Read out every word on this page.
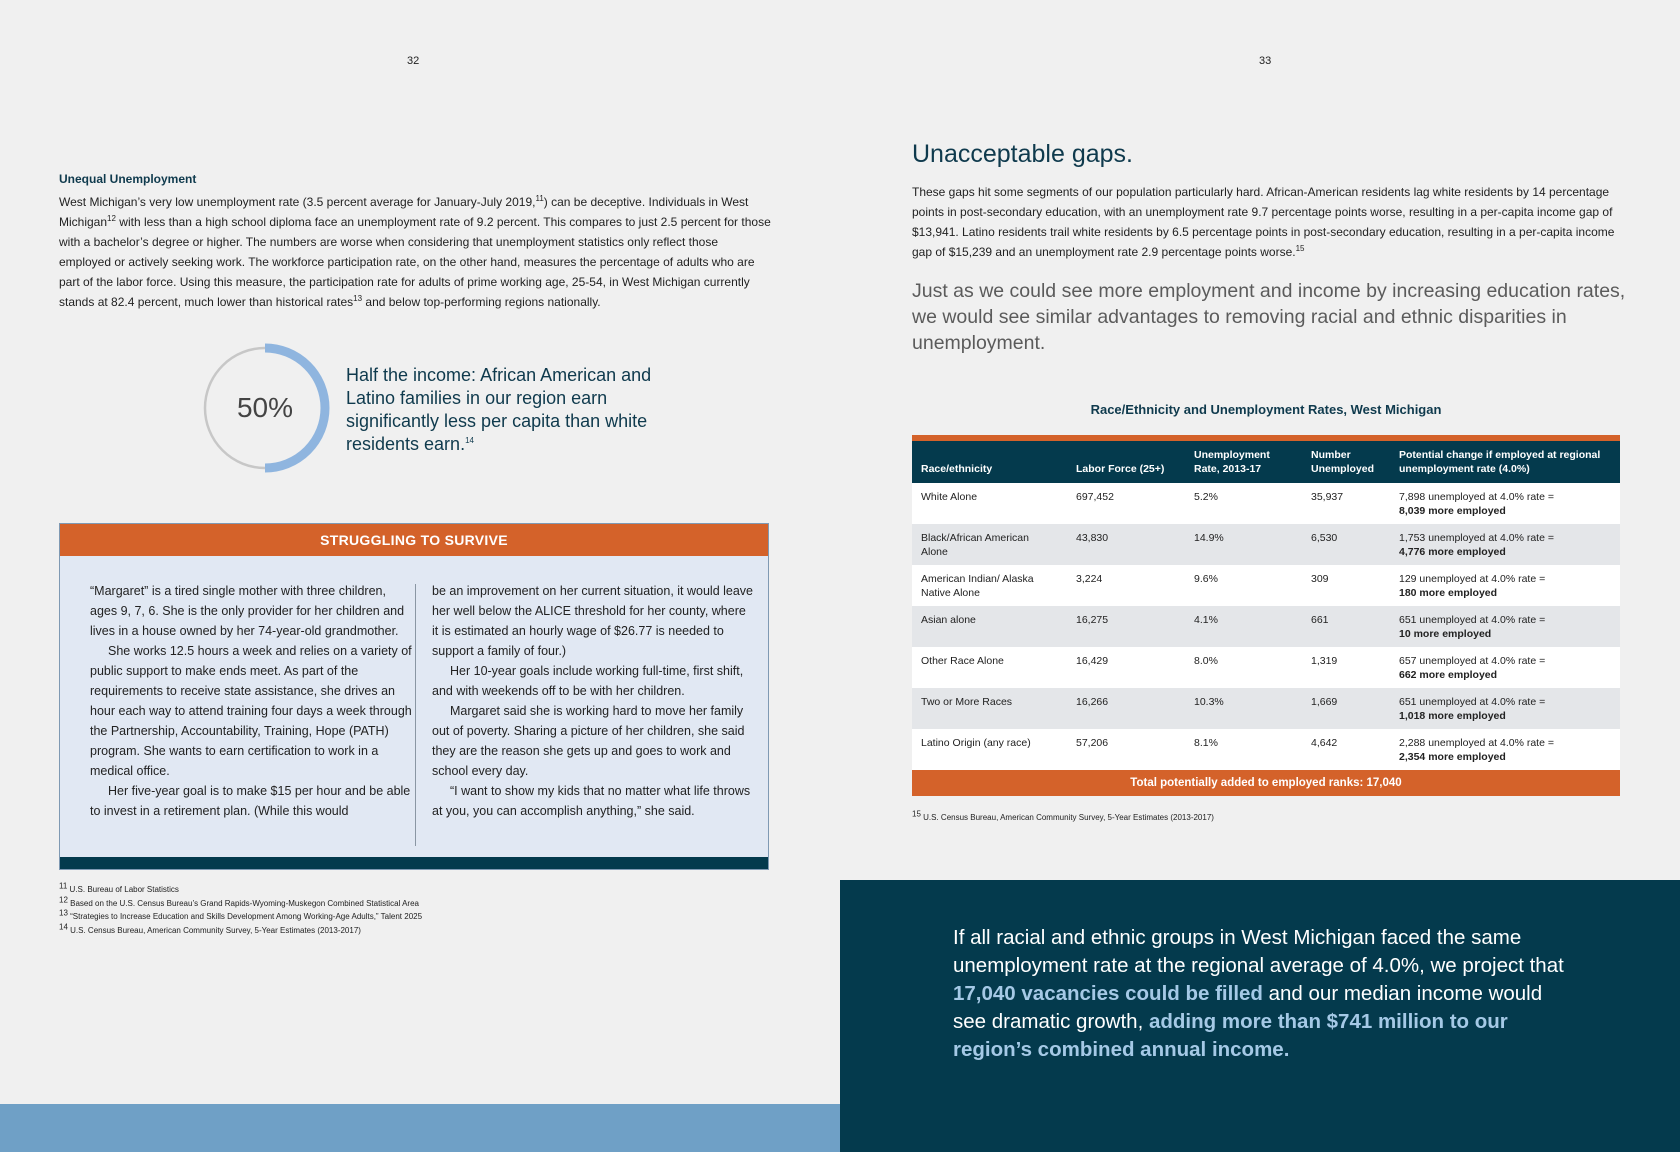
32
Unequal Unemployment
West Michigan’s very low unemployment rate (3.5 percent average for January-July 2019,11) can be deceptive. Individuals in West Michigan$^{12}$ with less than a high school diploma face an unemployment rate of 9.2 percent. This compares to just 2.5 percent for those with a bachelor’s degree or higher. The numbers are worse when considering that unemployment statistics only reflect those employed or actively seeking work. The workforce participation rate, on the other hand, measures the percentage of adults who are part of the labor force. Using this measure, the participation rate for adults of prime working age, 25-54, in West Michigan currently stands at 82.4 percent, much lower than historical rates$^{13}$ and below top-performing regions nationally.
50%
Half the income: African American and Latino families in our region earn significantly less per capita than white residents earn.$^{14}$
STRUGGLING TO SURVIVE

“Margaret” is a tired single mother with three children, ages 9, 7, 6. She is the only provider for her children and lives in a house owned by her 74-year-old grandmother.

She works 12.5 hours a week and relies on a variety of public support to make ends meet. As part of the requirements to receive state assistance, she drives an hour each way to attend training four days a week through the Partnership, Accountability, Training, Hope (PATH) program. She wants to earn certification to work in a medical office.

Her five-year goal is to make $15 per hour and be able to invest in a retirement plan. (While this would

be an improvement on her current situation, it would leave her well below the ALICE threshold for her county, where it is estimated an hourly wage of $26.77 is needed to support a family of four.)

Her 10-year goals include working full-time, first shift, and with weekends off to be with her children.

Margaret said she is working hard to move her family out of poverty. Sharing a picture of her children, she said they are the reason she gets up and goes to work and school every day.

“I want to show my kids that no matter what life throws at you, you can accomplish anything,” she said.

$^{11}$ U.S. Bureau of Labor Statistics
$^{12}$ Based on the U.S. Census Bureau’s Grand Rapids-Wyoming-Muskegon Combined Statistical Area
$^{13}$ “Strategies to Increase Education and Skills Development Among Working-Age Adults,” Talent 2025
$^{14}$ U.S. Census Bureau, American Community Survey, 5-Year Estimates (2013-2017)
33
Unacceptable gaps.
These gaps hit some segments of our population particularly hard. African-American residents lag white residents by 14 percentage points in post-secondary education, with an unemployment rate 9.7 percentage points worse, resulting in a per-capita income gap of $13,941. Latino residents trail white residents by 6.5 percentage points in post-secondary education, resulting in a per-capita income gap of $15,239 and an unemployment rate 2.9 percentage points worse.$^{15}$
Just as we could see more employment and income by increasing education rates, we would see similar advantages to removing racial and ethnic disparities in unemployment.
Race/Ethnicity and Unemployment Rates, West Michigan
Race/ethnicity	Labor Force (25+)	Unemployment Rate, 2013-17	Number Unemployed	Potential change if employed at regional unemployment rate (4.0%)
White Alone	697,452	5.2%	35,937	7,898 unemployed at 4.0% rate =
8,039 more employed
Black/African American Alone	43,830	14.9%	6,530	1,753 unemployed at 4.0% rate =
4,776 more employed
American Indian/ Alaska Native Alone	3,224	9.6%	309	129 unemployed at 4.0% rate =
180 more employed
Asian alone	16,275	4.1%	661	651 unemployed at 4.0% rate =
10 more employed
Other Race Alone	16,429	8.0%	1,319	657 unemployed at 4.0% rate =
662 more employed
Two or More Races	16,266	10.3%	1,669	651 unemployed at 4.0% rate =
1,018 more employed
Latino Origin (any race)	57,206	8.1%	4,642	2,288 unemployed at 4.0% rate =
2,354 more employed
Total potentially added to employed ranks: 17,040
$^{15}$ U.S. Census Bureau, American Community Survey, 5-Year Estimates (2013-2017)
If all racial and ethnic groups in West Michigan faced the same unemployment rate at the regional average of 4.0%, we project that 17,040 vacancies could be filled and our median income would see dramatic growth, adding more than $741 million to our region’s combined annual income.
